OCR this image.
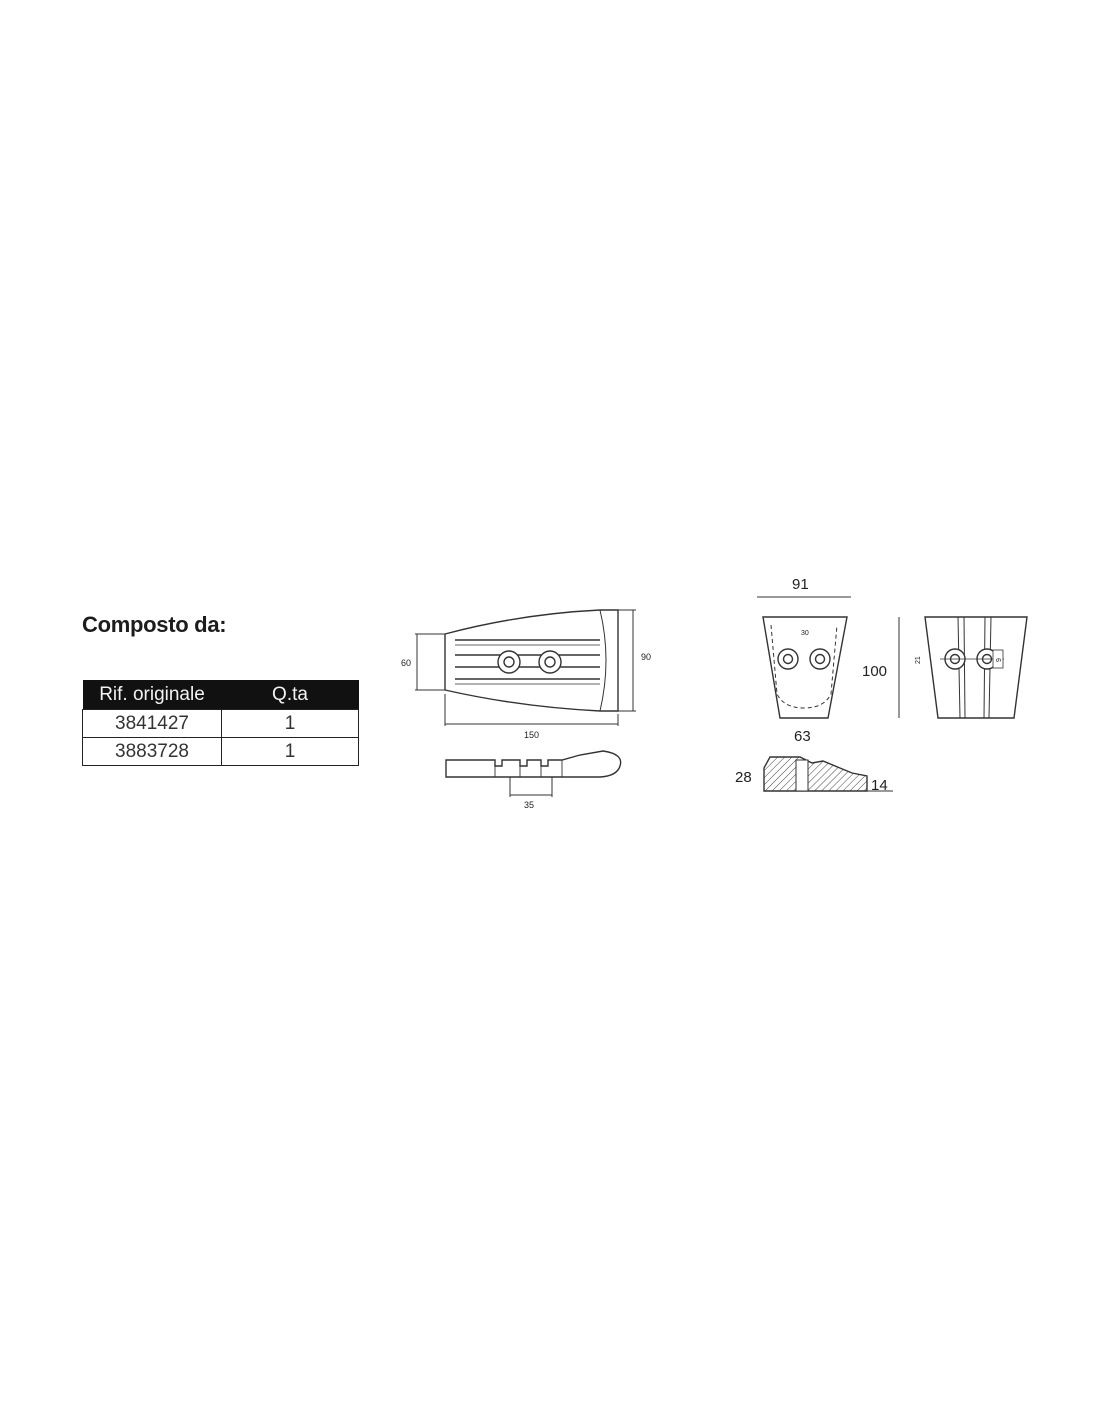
Composto da:
Rif. originale	Q.ta
3841427	1
3883728	1
60
90
150
35
91
30
100
63
21	9
28	14
